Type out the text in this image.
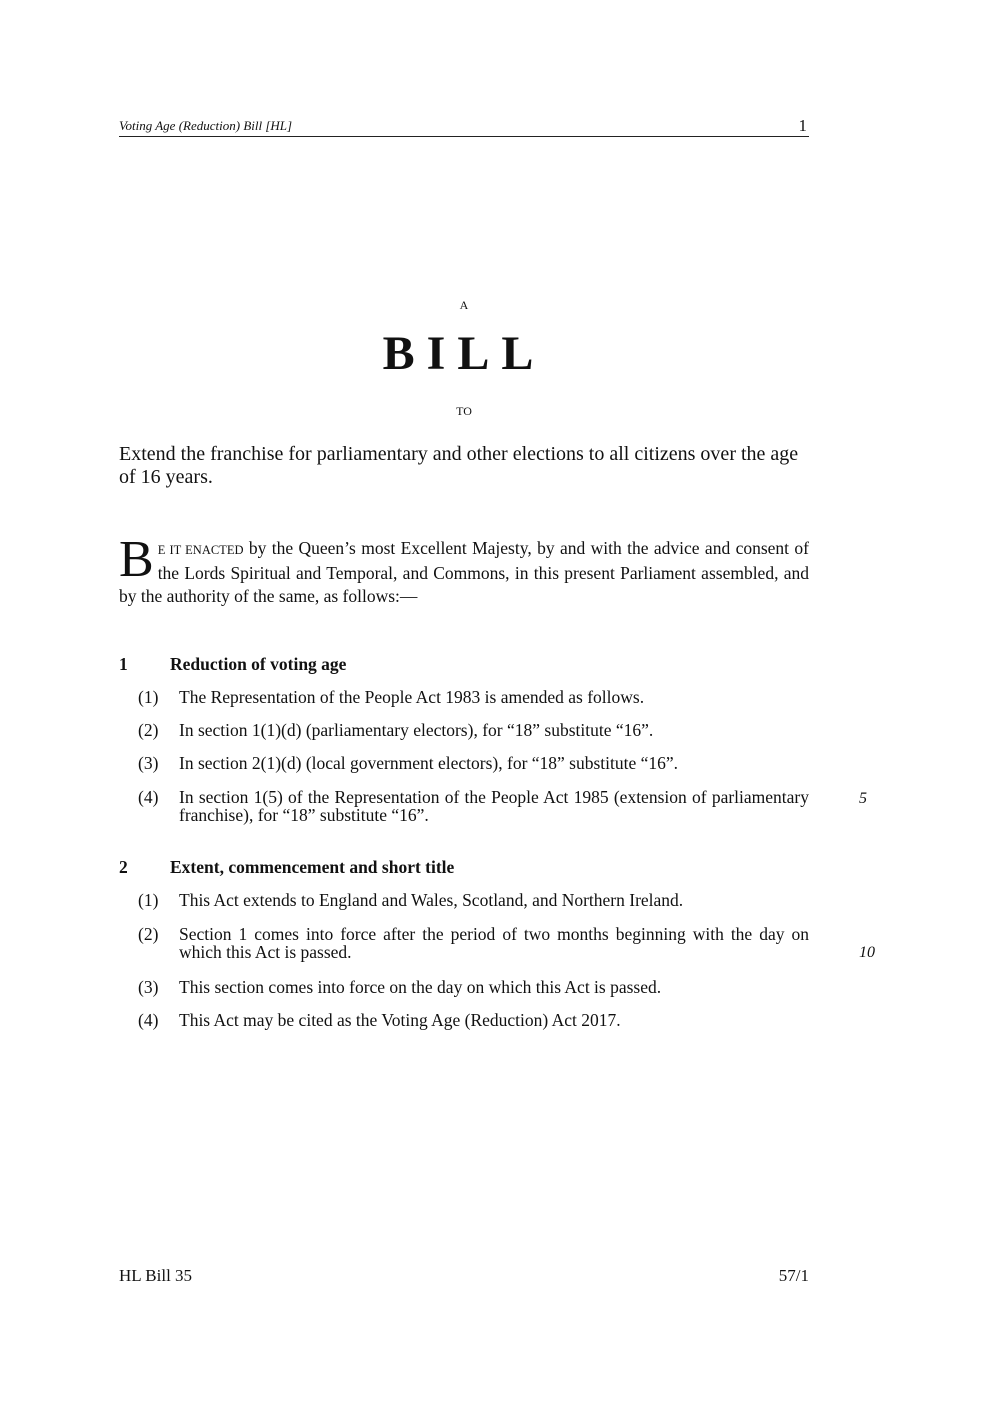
Voting Age (Reduction) Bill [HL]	1
A
BILL
TO
Extend the franchise for parliamentary and other elections to all citizens over the age of 16 years.
B E IT ENACTED by the Queen’s most Excellent Majesty, by and with the advice and consent of the Lords Spiritual and Temporal, and Commons, in this present Parliament assembled, and by the authority of the same, as follows:—
1 Reduction of voting age
(1) The Representation of the People Act 1983 is amended as follows.
(2) In section 1(1)(d) (parliamentary electors), for “18” substitute “16”.
(3) In section 2(1)(d) (local government electors), for “18” substitute “16”.
(4) In section 1(5) of the Representation of the People Act 1985 (extension of parliamentary franchise), for “18” substitute “16”.
5
2 Extent, commencement and short title
(1) This Act extends to England and Wales, Scotland, and Northern Ireland.
(2) Section 1 comes into force after the period of two months beginning with the day on which this Act is passed.	10
(3) This section comes into force on the day on which this Act is passed.
(4) This Act may be cited as the Voting Age (Reduction) Act 2017.
HL Bill 35	57/1
